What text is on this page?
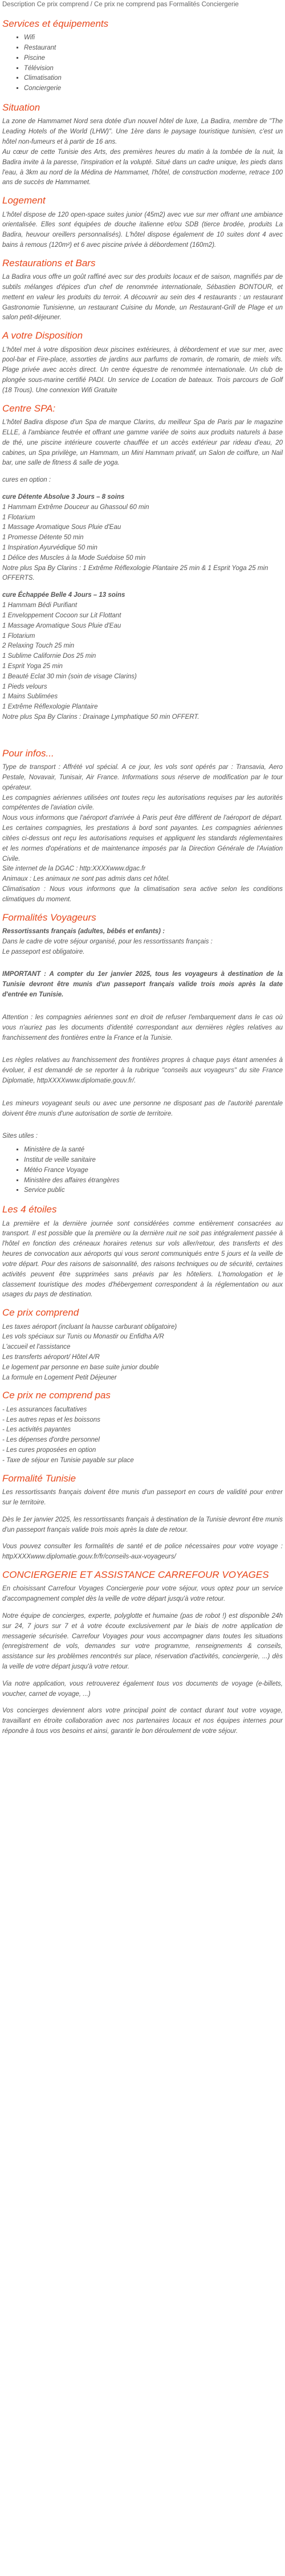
Description Ce prix comprend / Ce prix ne comprend pas Formalités Conciergerie

Services et équipements
▪ Wifi
▪ Restaurant
▪ Piscine
▪ Télévision
▪ Climatisation
▪ Conciergerie
Situation

La zone de Hammamet Nord sera dotée d'un nouvel hôtel de luxe, La Badira, membre de "The Leading Hotels of the World (LHW)". Une 1ère dans le paysage touristique tunisien, c'est un hôtel non-fumeurs et à partir de 16 ans.

Au cœur de cette Tunisie des Arts, des premières heures du matin à la tombée de la nuit, la Badira invite à la paresse, l'inspiration et la volupté. Situé dans un cadre unique, les pieds dans l'eau, à 3km au nord de la Médina de Hammamet, l'hôtel, de construction moderne, retrace 100 ans de succès de Hammamet.

Logement

L'hôtel dispose de 120 open-space suites junior (45m2) avec vue sur mer offrant une ambiance orientalisée. Elles sont équipées de douche italienne et/ou SDB (tierce brodée, produits La Badira, heuvour oreillers personnalisés). L'hôtel dispose également de 10 suites dont 4 avec bains à remous (120m²) et 6 avec piscine privée à débordement (160m2).

Restaurations et Bars

La Badira vous offre un goût raffiné avec sur des produits locaux et de saison, magnifiés par de subtils mélanges d'épices d'un chef de renommée internationale, Sébastien BONTOUR, et mettent en valeur les produits du terroir. A découvrir au sein des 4 restaurants : un restaurant Gastronomie Tunisienne, un restaurant Cuisine du Monde, un Restaurant-Grill de Plage et un salon petit-déjeuner.

A votre Disposition

L'hôtel met à votre disposition deux piscines extérieures, à débordement et vue sur mer, avec pool-bar et Fire-place, assorties de jardins aux parfums de romarin, de romarin, de miels vifs. Plage privée avec accès direct. Un centre équestre de renommée internationale. Un club de plongée sous-marine certifié PADI. Un service de Location de bateaux. Trois parcours de Golf (18 Trous). Une connexion Wifi Gratuite

Centre SPA:

L'hôtel Badira dispose d'un Spa de marque Clarins, du meilleur Spa de Paris par le magazine ELLE, à l'ambiance feutrée et offrant une gamme variée de soins aux produits naturels à base de thé, une piscine intérieure couverte chauffée et un accès extérieur par rideau d'eau, 20 cabines, un Spa privilège, un Hammam, un Mini Hammam privatif, un Salon de coiffure, un Nail bar, une salle de fitness & salle de yoga.

cures en option :

cure Détente Absolue 3 Jours – 8 soins

1 Hammam Extrême Douceur au Ghassoul 60 min

1 Flotarium

1 Massage Aromatique Sous Pluie d'Eau

1 Promesse Détente 50 min

1 Inspiration Ayurvédique 50 min

1 Délice des Muscles à la Mode Suédoise 50 min

Notre plus Spa By Clarins : 1 Extrême Réflexologie Plantaire 25 min & 1 Esprit Yoga 25 min OFFERTS.

cure Échappée Belle 4 Jours – 13 soins

1 Hammam Bédi Purifiant

1 Enveloppement Cocoon sur Lit Flottant

1 Massage Aromatique Sous Pluie d'Eau

1 Flotarium

2 Relaxing Touch 25 min

1 Sublime Californie Dos 25 min

1 Esprit Yoga 25 min

1 Beauté Eclat 30 min (soin de visage Clarins)

1 Pieds velours

1 Mains Sublimées

1 Extrême Réflexologie Plantaire

Notre plus Spa By Clarins : Drainage Lymphatique 50 min OFFERT.

Pour infos...

Type de transport : Affrété vol spécial. A ce jour, les vols sont opérés par : Transavia, Aero Pestale, Novavair, Tunisair, Air France. Informations sous réserve de modification par le tour opérateur.

Les compagnies aériennes utilisées ont toutes reçu les autorisations requises par les autorités compétentes de l'aviation civile.

Nous vous informons que l'aéroport d'arrivée à Paris peut être différent de l'aéroport de départ. Les certaines compagnies, les prestations à bord sont payantes. Les compagnies aériennes citées ci-dessus ont reçu les autorisations requises et appliquent les standards réglementaires et les normes d'opérations et de maintenance imposés par la Direction Générale de l'Aviation Civile.

Site internet de la DGAC : http:XXXXwww.dgac.fr

Animaux : Les animaux ne sont pas admis dans cet hôtel.

Climatisation : Nous vous informons que la climatisation sera active selon les conditions climatiques du moment.

Formalités Voyageurs

Ressortissants français (adultes, bébés et enfants) :

Dans le cadre de votre séjour organisé, pour les ressortissants français :

Le passeport est obligatoire.

IMPORTANT : A compter du 1er janvier 2025, tous les voyageurs à destination de la Tunisie devront être munis d'un passeport français valide trois mois après la date d'entrée en Tunisie.

Attention : les compagnies aériennes sont en droit de refuser l'embarquement dans le cas où vous n'auriez pas les documents d'identité correspondant aux dernières règles relatives au franchissement des frontières entre la France et la Tunisie.

Les règles relatives au franchissement des frontières propres à chaque pays étant amenées à évoluer, il est demandé de se reporter à la rubrique "conseils aux voyageurs" du site France Diplomatie, httpXXXXwww.diplomatie.gouv.fr/.

Les mineurs voyageant seuls ou avec une personne ne disposant pas de l'autorité parentale doivent être munis d'une autorisation de sortie de territoire.

Sites utiles :

▪ Ministère de la santé
▪ Institut de veille sanitaire
▪ Météo France Voyage
▪ Ministère des affaires étrangères
▪ Service public
Les 4 étoiles

La première et la dernière journée sont considérées comme entièrement consacrées au transport. Il est possible que la première ou la dernière nuit ne soit pas intégralement passée à l'hôtel en fonction des créneaux horaires retenus sur vols aller/retour, des transferts et des heures de convocation aux aéroports qui vous seront communiqués entre 5 jours et la veille de votre départ. Pour des raisons de saisonnalité, des raisons techniques ou de sécurité, certaines activités peuvent être supprimées sans préavis par les hôteliers. L'homologation et le classement touristique des modes d'hébergement correspondent à la réglementation ou aux usages du pays de destination.

Ce prix comprend

Les taxes aéroport (incluant la hausse carburant obligatoire)

Les vols spéciaux sur Tunis ou Monastir ou Enfidha A/R

L'accueil et l'assistance

Les transferts aéroport/ Hôtel A/R

Le logement par personne en base suite junior double

La formule en Logement Petit Déjeuner

Ce prix ne comprend pas

- Les assurances facultatives

- Les autres repas et les boissons

- Les activités payantes

- Les dépenses d'ordre personnel

- Les cures proposées en option

- Taxe de séjour en Tunisie payable sur place

Formalité Tunisie

Les ressortissants français doivent être munis d'un passeport en cours de validité pour entrer sur le territoire.

Dès le 1er janvier 2025, les ressortissants français à destination de la Tunisie devront être munis d'un passeport français valide trois mois après la date de retour.

Vous pouvez consulter les formalités de santé et de police nécessaires pour votre voyage : httpXXXXwww.diplomatie.gouv.fr/fr/conseils-aux-voyageurs/

CONCIERGERIE ET ASSISTANCE CARREFOUR VOYAGES

En choisissant Carrefour Voyages Conciergerie pour votre séjour, vous optez pour un service d'accompagnement complet dès la veille de votre départ jusqu'à votre retour.

Notre équipe de concierges, experte, polyglotte et humaine (pas de robot !) est disponible 24h sur 24, 7 jours sur 7 et à votre écoute exclusivement par le biais de notre application de messagerie sécurisée. Carrefour Voyages pour vous accompagner dans toutes les situations (enregistrement de vols, demandes sur votre programme, renseignements & conseils, assistance sur les problèmes rencontrés sur place, réservation d'activités, conciergerie, ...) dès la veille de votre départ jusqu'à votre retour.

Via notre application, vous retrouverez également tous vos documents de voyage (e-billets, voucher, carnet de voyage, ...)

Vos concierges deviennent alors votre principal point de contact durant tout votre voyage, travaillant en étroite collaboration avec nos partenaires locaux et nos équipes internes pour répondre à tous vos besoins et ainsi, garantir le bon déroulement de votre séjour.
